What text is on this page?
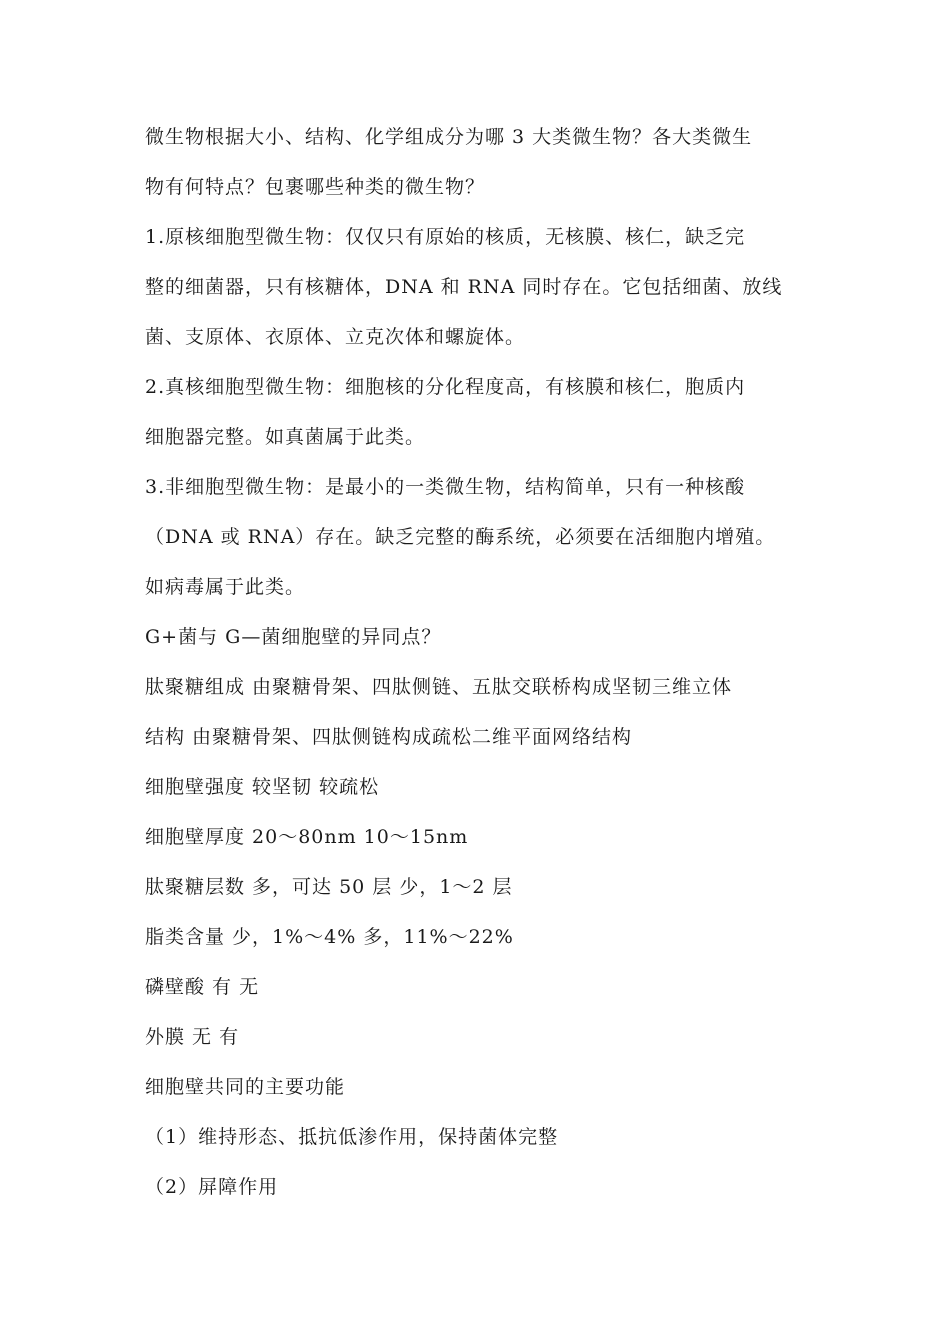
微生物根据大小、结构、化学组成分为哪 3 大类微生物？各大类微生
物有何特点？包裹哪些种类的微生物？
1.原核细胞型微生物：仅仅只有原始的核质，无核膜、核仁，缺乏完
整的细菌器，只有核糖体，DNA 和 RNA 同时存在。它包括细菌、放线
菌、支原体、衣原体、立克次体和螺旋体。
2.真核细胞型微生物：细胞核的分化程度高，有核膜和核仁，胞质内
细胞器完整。如真菌属于此类。
3.非细胞型微生物：是最小的一类微生物，结构简单，只有一种核酸
（DNA 或 RNA）存在。缺乏完整的酶系统，必须要在活细胞内增殖。
如病毒属于此类。
G+菌与 G—菌细胞壁的异同点？
肽聚糖组成 由聚糖骨架、四肽侧链、五肽交联桥构成坚韧三维立体
结构 由聚糖骨架、四肽侧链构成疏松二维平面网络结构
细胞壁强度 较坚韧 较疏松
细胞壁厚度 20～80nm 10～15nm
肽聚糖层数 多，可达 50 层 少，1～2 层
脂类含量 少，1%～4% 多，11%～22%
磷壁酸 有 无
外膜 无 有
细胞壁共同的主要功能
（1）维持形态、抵抗低渗作用，保持菌体完整
（2）屏障作用
